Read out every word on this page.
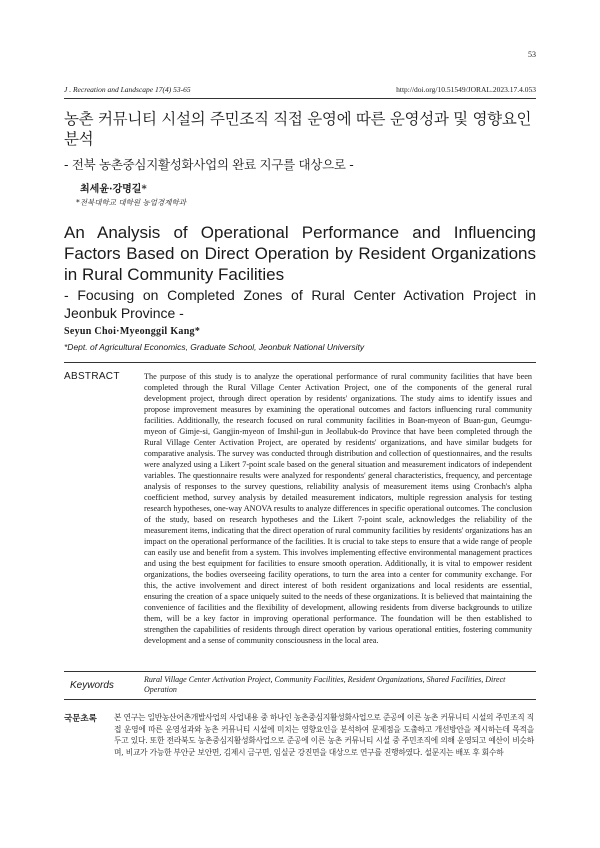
53
J . Recreation and Landscape 17(4) 53-65	http://doi.org/10.51549/JORAL.2023.17.4.053
농촌 커뮤니티 시설의 주민조직 직접 운영에 따른 운영성과 및 영향요인 분석
- 전북 농촌중심지활성화사업의 완료 지구를 대상으로 -
최세윤·강명길*
*전북대학교 대학원 농업경제학과
An Analysis of Operational Performance and Influencing Factors Based on Direct Operation by Resident Organizations in Rural Community Facilities
- Focusing on Completed Zones of Rural Center Activation Project in Jeonbuk Province -
Seyun Choi·Myeonggil Kang*
*Dept. of Agricultural Economics, Graduate School, Jeonbuk National University
ABSTRACT	The purpose of this study is to analyze the operational performance of rural community facilities that have been completed through the Rural Village Center Activation Project, one of the components of the general rural development project, through direct operation by residents' organizations. The study aims to identify issues and propose improvement measures by examining the operational outcomes and factors influencing rural community facilities. Additionally, the research focused on rural community facilities in Boan-myeon of Buan-gun, Geumgu-myeon of Gimje-si, Gangjin-myeon of Imshil-gun in Jeollabuk-do Province that have been completed through the Rural Village Center Activation Project, are operated by residents' organizations, and have similar budgets for comparative analysis. The survey was conducted through distribution and collection of questionnaires, and the results were analyzed using a Likert 7-point scale based on the general situation and measurement indicators of independent variables. The questionnaire results were analyzed for respondents' general characteristics, frequency, and percentage analysis of responses to the survey questions, reliability analysis of measurement items using Cronbach's alpha coefficient method, survey analysis by detailed measurement indicators, multiple regression analysis for testing research hypotheses, one-way ANOVA results to analyze differences in specific operational outcomes. The conclusion of the study, based on research hypotheses and the Likert 7-point scale, acknowledges the reliability of the measurement items, indicating that the direct operation of rural community facilities by residents' organizations has an impact on the operational performance of the facilities. It is crucial to take steps to ensure that a wide range of people can easily use and benefit from a system. This involves implementing effective environmental management practices and using the best equipment for facilities to ensure smooth operation. Additionally, it is vital to empower resident organizations, the bodies overseeing facility operations, to turn the area into a center for community exchange. For this, the active involvement and direct interest of both resident organizations and local residents are essential, ensuring the creation of a space uniquely suited to the needs of these organizations. It is believed that maintaining the convenience of facilities and the flexibility of development, allowing residents from diverse backgrounds to utilize them, will be a key factor in improving operational performance. The foundation will be then established to strengthen the capabilities of residents through direct operation by various operational entities, fostering community development and a sense of community consciousness in the local area.
Keywords
Rural Village Center Activation Project, Community Facilities, Resident Organizations, Shared Facilities, Direct Operation
국문초록 본 연구는 일반농산어촌개발사업의 사업내용 중 하나인 농촌중심지활성화사업으로 준공에 이른 농촌 커뮤니티 시설의 주민조직 직접 운영에 따른 운영성과와 농촌 커뮤니티 시설에 미치는 영향요인을 분석하여 문제점을 도출하고 개선방안을 제시하는데 목적을 두고 있다. 또한 전라북도 농촌중심지활성화사업으로 준공에 이른 농촌 커뮤니티 시설 중 주민조직에 의해 운영되고 예산이 비슷하며, 비교가 가능한 부안군 보안면, 김제시 금구면, 임실군 강진면을 대상으로 연구를 진행하였다. 설문지는 배포 후 회수하
